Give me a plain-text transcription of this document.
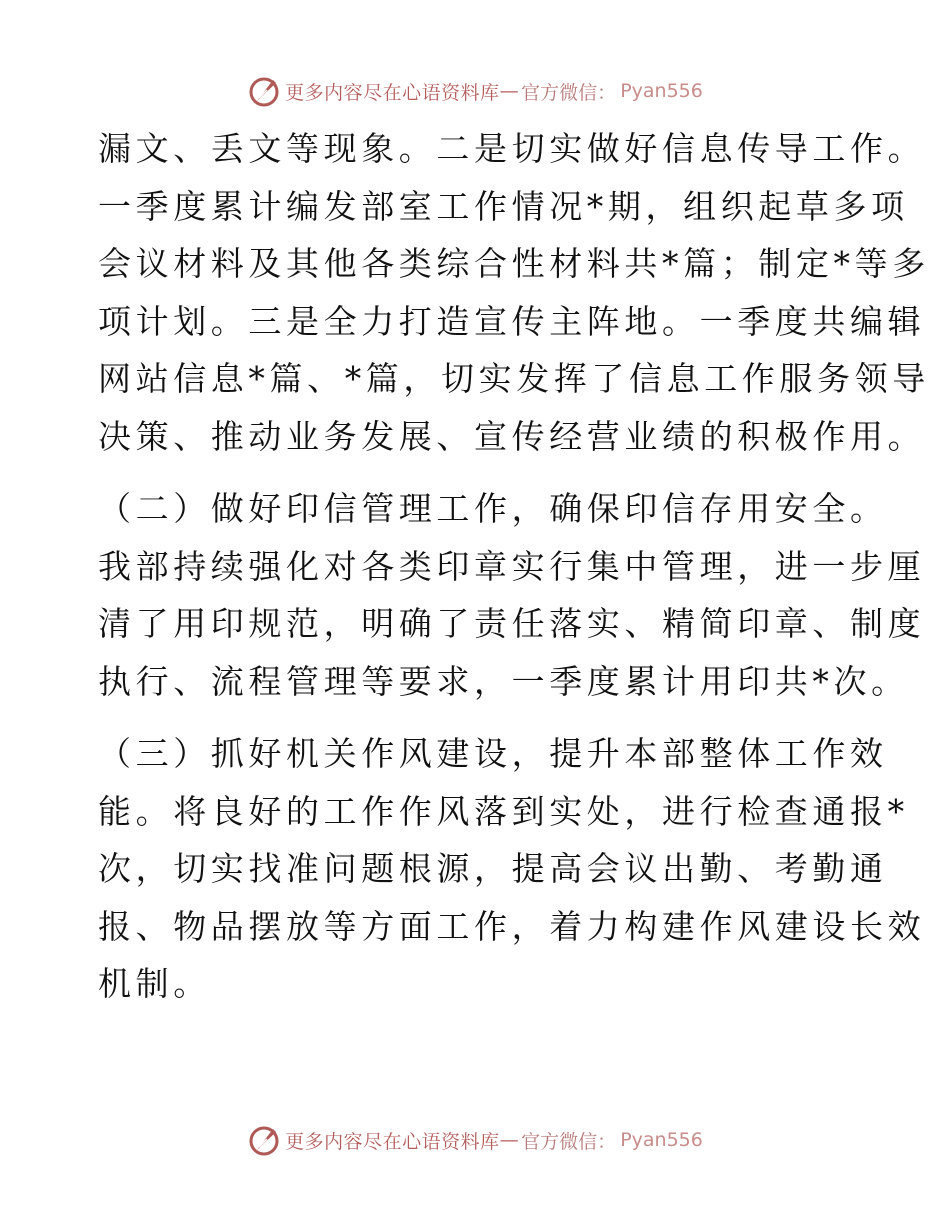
更多内容尽在心语资料库 — 官方微信： Pyan556

漏文、丢文等现象。二是切实做好信息传导工作。
一季度累计编发部室工作情况*期，组织起草多项
会议材料及其他各类综合性材料共*篇；制定*等多
项计划。三是全力打造宣传主阵地。一季度共编辑
网站信息*篇、*篇，切实发挥了信息工作服务领导
决策、推动业务发展、宣传经营业绩的积极作用。

（二）做好印信管理工作，确保印信存用安全。
我部持续强化对各类印章实行集中管理，进一步厘
清了用印规范，明确了责任落实、精简印章、制度
执行、流程管理等要求，一季度累计用印共*次。

（三）抓好机关作风建设，提升本部整体工作效
能。将良好的工作作风落到实处，进行检查通报*
次，切实找准问题根源，提高会议出勤、考勤通
报、物品摆放等方面工作，着力构建作风建设长效
机制。

更多内容尽在心语资料库 — 官方微信： Pyan556
